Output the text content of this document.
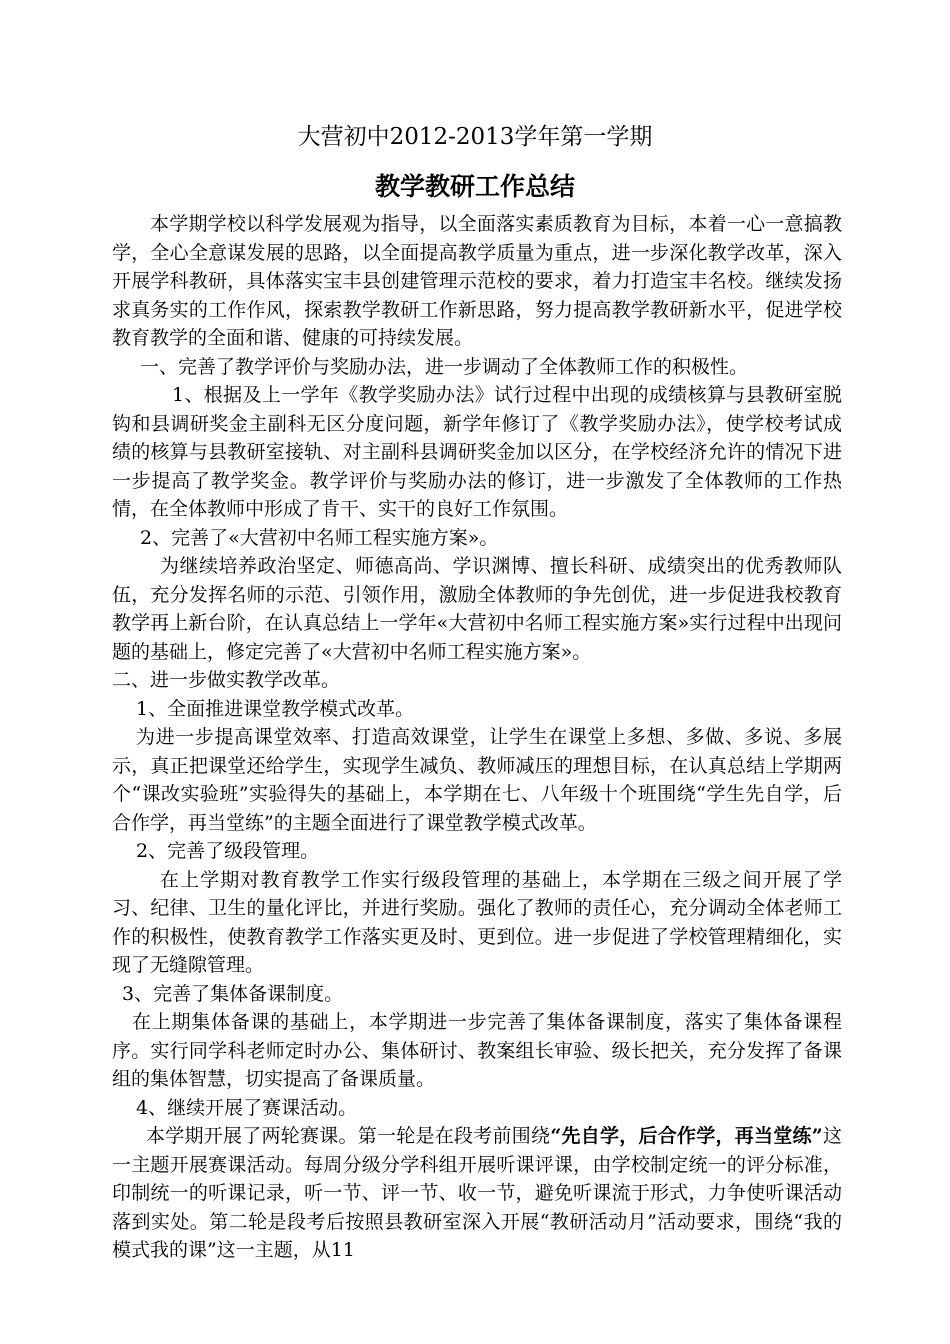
大营初中2012-2013学年第一学期
教学教研工作总结

本学期学校以科学发展观为指导，以全面落实素质教育为目标，本着一心一意搞教学，全心全意谋发展的思路，以全面提高教学质量为重点，进一步深化教学改革，深入开展学科教研，具体落实宝丰县创建管理示范校的要求，着力打造宝丰名校。继续发扬求真务实的工作作风，探索教学教研工作新思路，努力提高教学教研新水平，促进学校教育教学的全面和谐、健康的可持续发展。

一、完善了教学评价与奖励办法，进一步调动了全体教师工作的积极性。

1、根据及上一学年《教学奖励办法》试行过程中出现的成绩核算与县教研室脱钩和县调研奖金主副科无区分度问题，新学年修订了《教学奖励办法》，使学校考试成绩的核算与县教研室接轨、对主副科县调研奖金加以区分，在学校经济允许的情况下进一步提高了教学奖金。教学评价与奖励办法的修订，进一步激发了全体教师的工作热情，在全体教师中形成了肯干、实干的良好工作氛围。

2、完善了«大营初中名师工程实施方案»。

为继续培养政治坚定、师德高尚、学识渊博、擅长科研、成绩突出的优秀教师队伍，充分发挥名师的示范、引领作用，激励全体教师的争先创优，进一步促进我校教育教学再上新台阶，在认真总结上一学年«大营初中名师工程实施方案»实行过程中出现问题的基础上，修定完善了«大营初中名师工程实施方案»。

二、进一步做实教学改革。

1、全面推进课堂教学模式改革。

为进一步提高课堂效率、打造高效课堂，让学生在课堂上多想、多做、多说、多展示，真正把课堂还给学生，实现学生减负、教师减压的理想目标，在认真总结上学期两个“课改实验班”实验得失的基础上，本学期在七、八年级十个班围绕“学生先自学，后合作学，再当堂练”的主题全面进行了课堂教学模式改革。

2、完善了级段管理。

在上学期对教育教学工作实行级段管理的基础上，本学期在三级之间开展了学习、纪律、卫生的量化评比，并进行奖励。强化了教师的责任心，充分调动全体老师工作的积极性，使教育教学工作落实更及时、更到位。进一步促进了学校管理精细化，实现了无缝隙管理。

3、完善了集体备课制度。

在上期集体备课的基础上，本学期进一步完善了集体备课制度，落实了集体备课程序。实行同学科老师定时办公、集体研讨、教案组长审验、级长把关，充分发挥了备课组的集体智慧，切实提高了备课质量。

4、继续开展了赛课活动。

本学期开展了两轮赛课。第一轮是在段考前围绕“先自学，后合作学，再当堂练”这一主题开展赛课活动。每周分级分学科组开展听课评课，由学校制定统一的评分标准，印制统一的听课记录，听一节、评一节、收一节，避免听课流于形式，力争使听课活动落到实处。第二轮是段考后按照县教研室深入开展“教研活动月”活动要求，围绕“我的模式我的课”这一主题，从11
